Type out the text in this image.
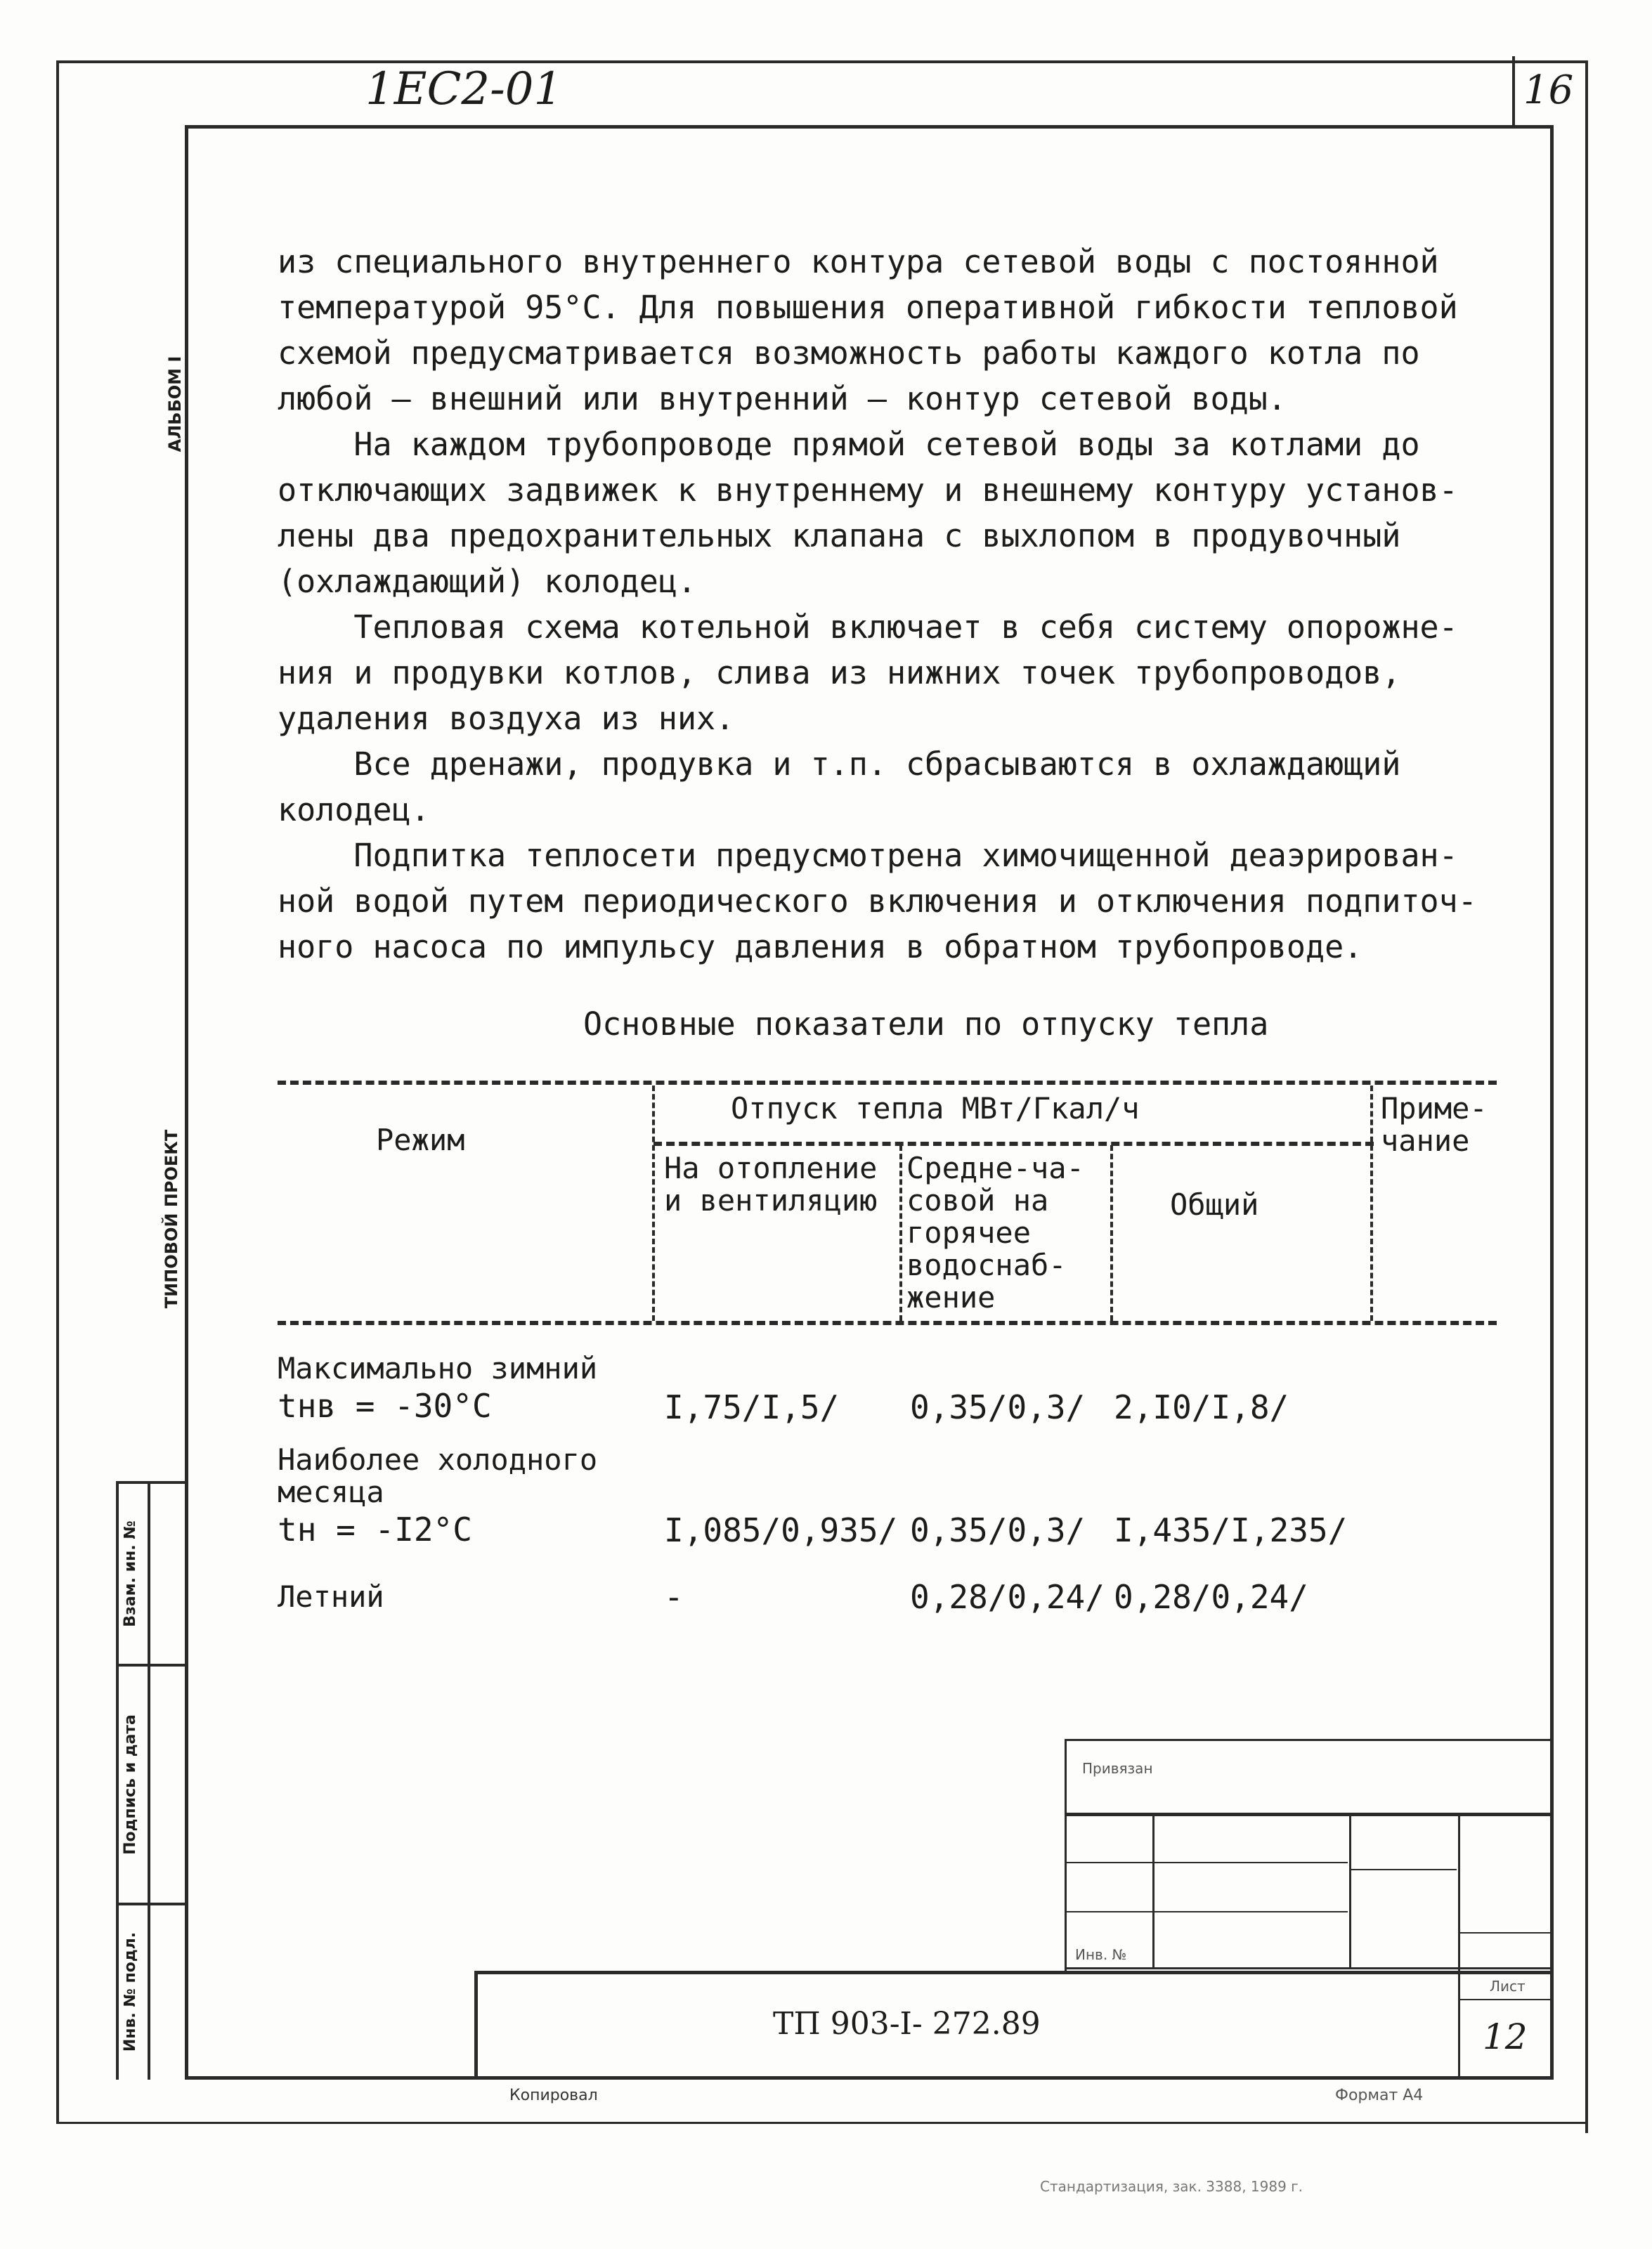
1ЕС2-01	16
АЛЬБОМ I
ТИПОВОЙ ПРОЕКТ
Взам. ин. №
Подпись и дата
Инв. № подл.
из специального внутреннего контура сетевой воды с постоянной
температурой 95°С. Для повышения оперативной гибкости тепловой
схемой предусматривается возможность работы каждого котла по
любой – внешний или внутренний – контур сетевой воды.
На каждом трубопроводе прямой сетевой воды за котлами до
отключающих задвижек к внутреннему и внешнему контуру установ-
лены два предохранительных клапана с выхлопом в продувочный
(охлаждающий) колодец.
Тепловая схема котельной включает в себя систему опорожне-
ния и продувки котлов, слива из нижних точек трубопроводов,
удаления воздуха из них.
Все дренажи, продувка и т.п. сбрасываются в охлаждающий
колодец.
Подпитка теплосети предусмотрена химочищенной деаэрирован-
ной водой путем периодического включения и отключения подпиточ-
ного насоса по импульсу давления в обратном трубопроводе.
Основные показатели по отпуску тепла
Режим
Отпуск тепла МВт/Гкал/ч
На отопление
и вентиляцию
Средне-ча-
совой на
горячее
водоснаб-
жение
Общий
Приме-
чание
Максимально зимний
tнв = -30°С	I,75/I,5/ 0,35/0,3/ 2,I0/I,8/
Наиболее холодного
месяца
tн = -I2°С	I,085/0,935/ 0,35/0,3/ I,435/I,235/
Летний	-	0,28/0,24/ 0,28/0,24/
Привязан
Инв. №
ТП 903-I- 272.89
Лист
12
Копировал	Формат А4
Стандартизация, зак. 3388, 1989 г.
